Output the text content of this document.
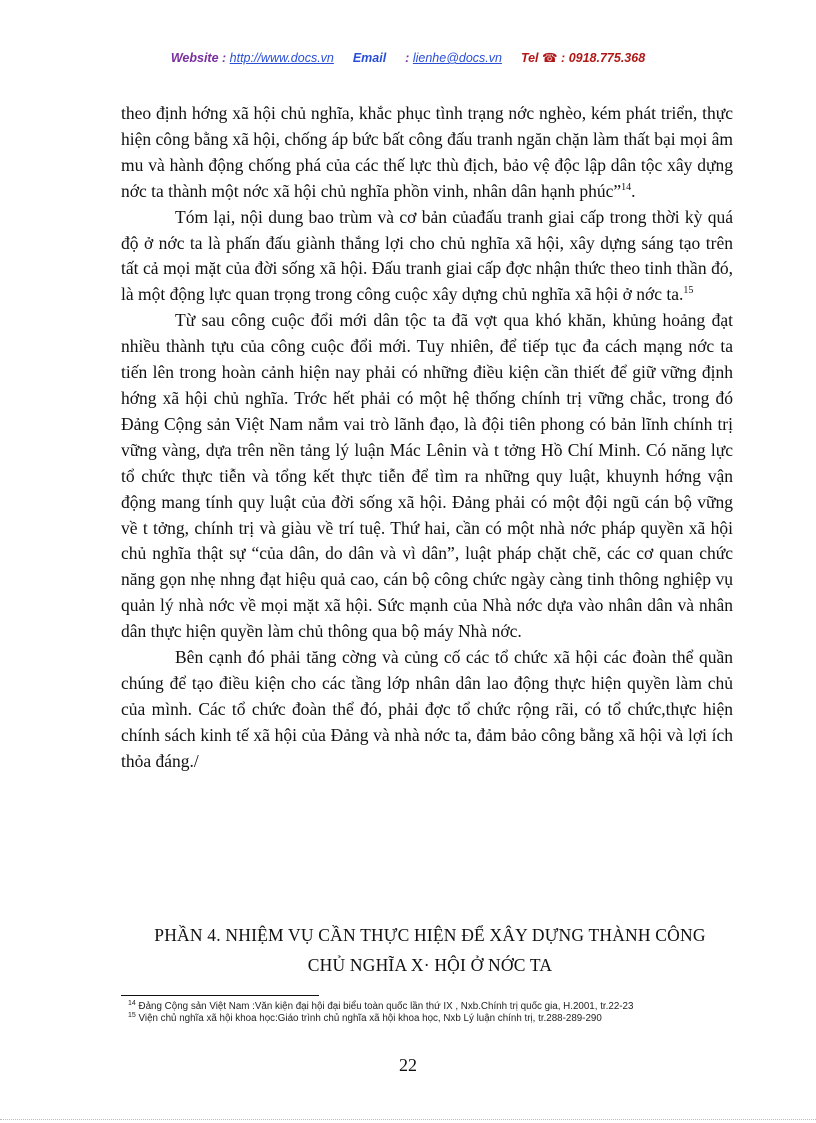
Website : http://www.docs.vn Email : lienhe@docs.vn Tel ☎ : 0918.775.368

theo định hớng xã hội chủ nghĩa, khắc phục tình trạng nớc nghèo, kém phát triển, thực hiện công bằng xã hội, chống áp bức bất công đấu tranh ngăn chặn làm thất bại mọi âm mu và hành động chống phá của các thế lực thù địch, bảo vệ độc lập dân tộc xây dựng nớc ta thành một nớc xã hội chủ nghĩa phồn vinh, nhân dân hạnh phúc”$^{14}$.

Tóm lại, nội dung bao trùm và cơ bản củađấu tranh giai cấp trong thời kỳ quá độ ở nớc ta là phấn đấu giành thắng lợi cho chủ nghĩa xã hội, xây dựng sáng tạo trên tất cả mọi mặt của đời sống xã hội. Đấu tranh giai cấp đợc nhận thức theo tinh thần đó, là một động lực quan trọng trong công cuộc xây dựng chủ nghĩa xã hội ở nớc ta.$^{15}$

Từ sau công cuộc đổi mới dân tộc ta đã vợt qua khó khăn, khủng hoảng đạt nhiều thành tựu của công cuộc đổi mới. Tuy nhiên, để tiếp tục đa cách mạng nớc ta tiến lên trong hoàn cảnh hiện nay phải có những điều kiện cần thiết để giữ vững định hớng xã hội chủ nghĩa. Trớc hết phải có một hệ thống chính trị vững chắc, trong đó Đảng Cộng sản Việt Nam nắm vai trò lãnh đạo, là đội tiên phong có bản lĩnh chính trị vững vàng, dựa trên nền tảng lý luận Mác Lênin và t tởng Hồ Chí Minh. Có năng lực tổ chức thực tiễn và tổng kết thực tiễn để tìm ra những quy luật, khuynh hớng vận động mang tính quy luật của đời sống xã hội. Đảng phải có một đội ngũ cán bộ vững về t tởng, chính trị và giàu về trí tuệ. Thứ hai, cần có một nhà nớc pháp quyền xã hội chủ nghĩa thật sự “của dân, do dân và vì dân”, luật pháp chặt chẽ, các cơ quan chức năng gọn nhẹ nhng đạt hiệu quả cao, cán bộ công chức ngày càng tinh thông nghiệp vụ quản lý nhà nớc về mọi mặt xã hội. Sức mạnh của Nhà nớc dựa vào nhân dân và nhân dân thực hiện quyền làm chủ thông qua bộ máy Nhà nớc.

Bên cạnh đó phải tăng cờng và củng cố các tổ chức xã hội các đoàn thể quần chúng để tạo điều kiện cho các tầng lớp nhân dân lao động thực hiện quyền làm chủ của mình. Các tổ chức đoàn thể đó, phải đợc tổ chức rộng rãi, có tổ chức,thực hiện chính sách kinh tế xã hội của Đảng và nhà nớc ta, đảm bảo công bằng xã hội và lợi ích thỏa đáng./

PHẦN 4. NHIỆM VỤ CẦN THỰC HIỆN ĐỂ XÂY DỰNG THÀNH CÔNG
CHỦ NGHĨA X· HỘI Ở NỚC TA

$^{14}$ Đảng Cộng sản Việt Nam :Văn kiện đại hội đại biểu toàn quốc lần thứ IX , Nxb.Chính trị quốc gia, H.2001, tr.22-23

$^{15}$ Viện chủ nghĩa xã hội khoa học:Giáo trình chủ nghĩa xã hội khoa học, Nxb Lý luận chính trị, tr.288-289-290

22
